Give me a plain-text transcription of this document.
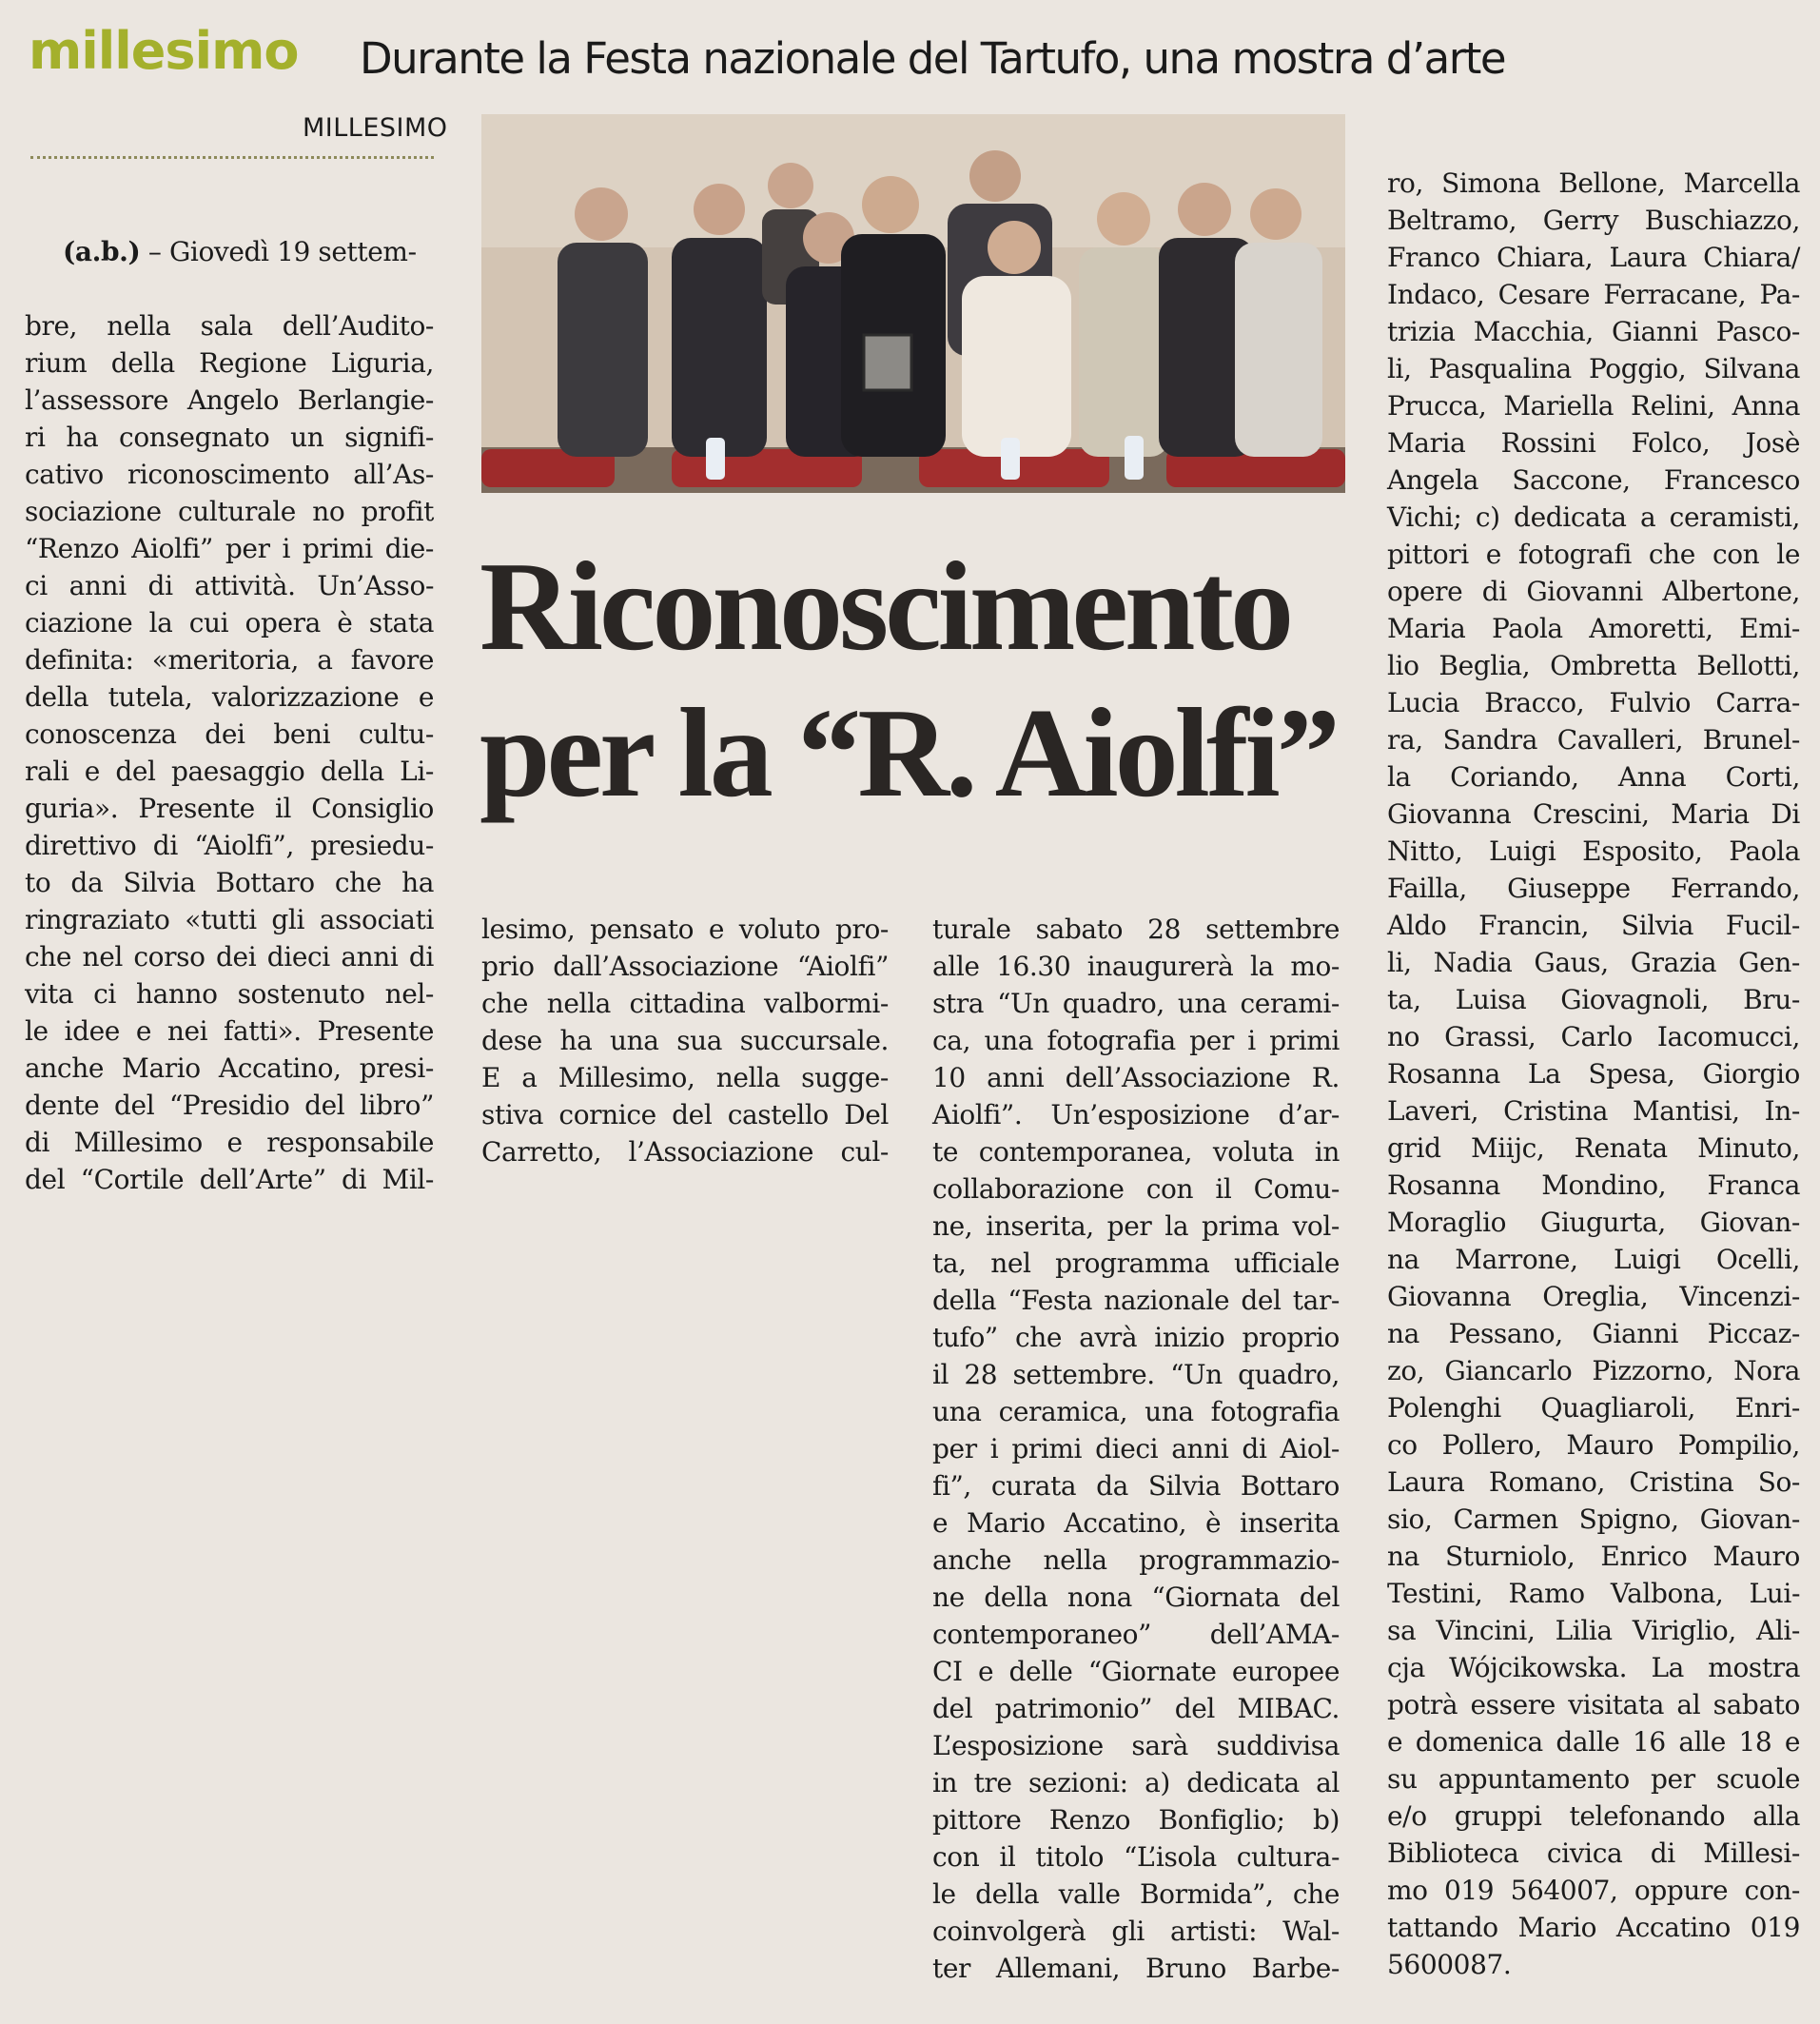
millesimo Durante la Festa nazionale del Tartufo, una mostra d’arte
MILLESIMO
Riconoscimento
per la “R. Aiolfi”

(a.b.) – Giovedì 19 settem-

bre, nella sala dell’Audito-
rium della Regione Liguria,
l’assessore Angelo Berlangie-
ri ha consegnato un signifi-
cativo riconoscimento all’As-
sociazione culturale no profit
“Renzo Aiolfi” per i primi die-
ci anni di attività. Un’Asso-
ciazione la cui opera è stata
definita: «meritoria, a favore
della tutela, valorizzazione e
conoscenza dei beni cultu-
rali e del paesaggio della Li-
guria». Presente il Consiglio
direttivo di “Aiolfi”, presiedu-
to da Silvia Bottaro che ha
ringraziato «tutti gli associati
che nel corso dei dieci anni di
vita ci hanno sostenuto nel-
le idee e nei fatti». Presente
anche Mario Accatino, presi-
dente del “Presidio del libro”
di Millesimo e responsabile
del “Cortile dell’Arte” di Mil-

lesimo, pensato e voluto pro-
prio dall’Associazione “Aiolfi”
che nella cittadina valbormi-
dese ha una sua succursale.
E a Millesimo, nella sugge-
stiva cornice del castello Del
Carretto, l’Associazione cul-

turale sabato 28 settembre
alle 16.30 inaugurerà la mo-
stra “Un quadro, una cerami-
ca, una fotografia per i primi
10 anni dell’Associazione R.
Aiolfi”. Un’esposizione d’ar-
te contemporanea, voluta in
collaborazione con il Comu-
ne, inserita, per la prima vol-
ta, nel programma ufficiale
della “Festa nazionale del tar-
tufo” che avrà inizio proprio
il 28 settembre. “Un quadro,
una ceramica, una fotografia
per i primi dieci anni di Aiol-
fi”, curata da Silvia Bottaro
e Mario Accatino, è inserita
anche nella programmazio-
ne della nona “Giornata del
contemporaneo” dell’AMA-
CI e delle “Giornate europee
del patrimonio” del MIBAC.
L’esposizione sarà suddivisa
in tre sezioni: a) dedicata al
pittore Renzo Bonfiglio; b)
con il titolo “L’isola cultura-
le della valle Bormida”, che
coinvolgerà gli artisti: Wal-
ter Allemani, Bruno Barbe-

ro, Simona Bellone, Marcella
Beltramo, Gerry Buschiazzo,
Franco Chiara, Laura Chiara/
Indaco, Cesare Ferracane, Pa-
trizia Macchia, Gianni Pasco-
li, Pasqualina Poggio, Silvana
Prucca, Mariella Relini, Anna
Maria Rossini Folco, Josè
Angela Saccone, Francesco
Vichi; c) dedicata a ceramisti,
pittori e fotografi che con le
opere di Giovanni Albertone,
Maria Paola Amoretti, Emi-
lio Beglia, Ombretta Bellotti,
Lucia Bracco, Fulvio Carra-
ra, Sandra Cavalleri, Brunel-
la Coriando, Anna Corti,
Giovanna Crescini, Maria Di
Nitto, Luigi Esposito, Paola
Failla, Giuseppe Ferrando,
Aldo Francin, Silvia Fucil-
li, Nadia Gaus, Grazia Gen-
ta, Luisa Giovagnoli, Bru-
no Grassi, Carlo Iacomucci,
Rosanna La Spesa, Giorgio
Laveri, Cristina Mantisi, In-
grid Miijc, Renata Minuto,
Rosanna Mondino, Franca
Moraglio Giugurta, Giovan-
na Marrone, Luigi Ocelli,
Giovanna Oreglia, Vincenzi-
na Pessano, Gianni Piccaz-
zo, Giancarlo Pizzorno, Nora
Polenghi Quagliaroli, Enri-
co Pollero, Mauro Pompilio,
Laura Romano, Cristina So-
sio, Carmen Spigno, Giovan-
na Sturniolo, Enrico Mauro
Testini, Ramo Valbona, Lui-
sa Vincini, Lilia Viriglio, Ali-
cja Wójcikowska. La mostra
potrà essere visitata al sabato
e domenica dalle 16 alle 18 e
su appuntamento per scuole
e/o gruppi telefonando alla
Biblioteca civica di Millesi-
mo 019 564007, oppure con-
tattando Mario Accatino 019
5600087.
